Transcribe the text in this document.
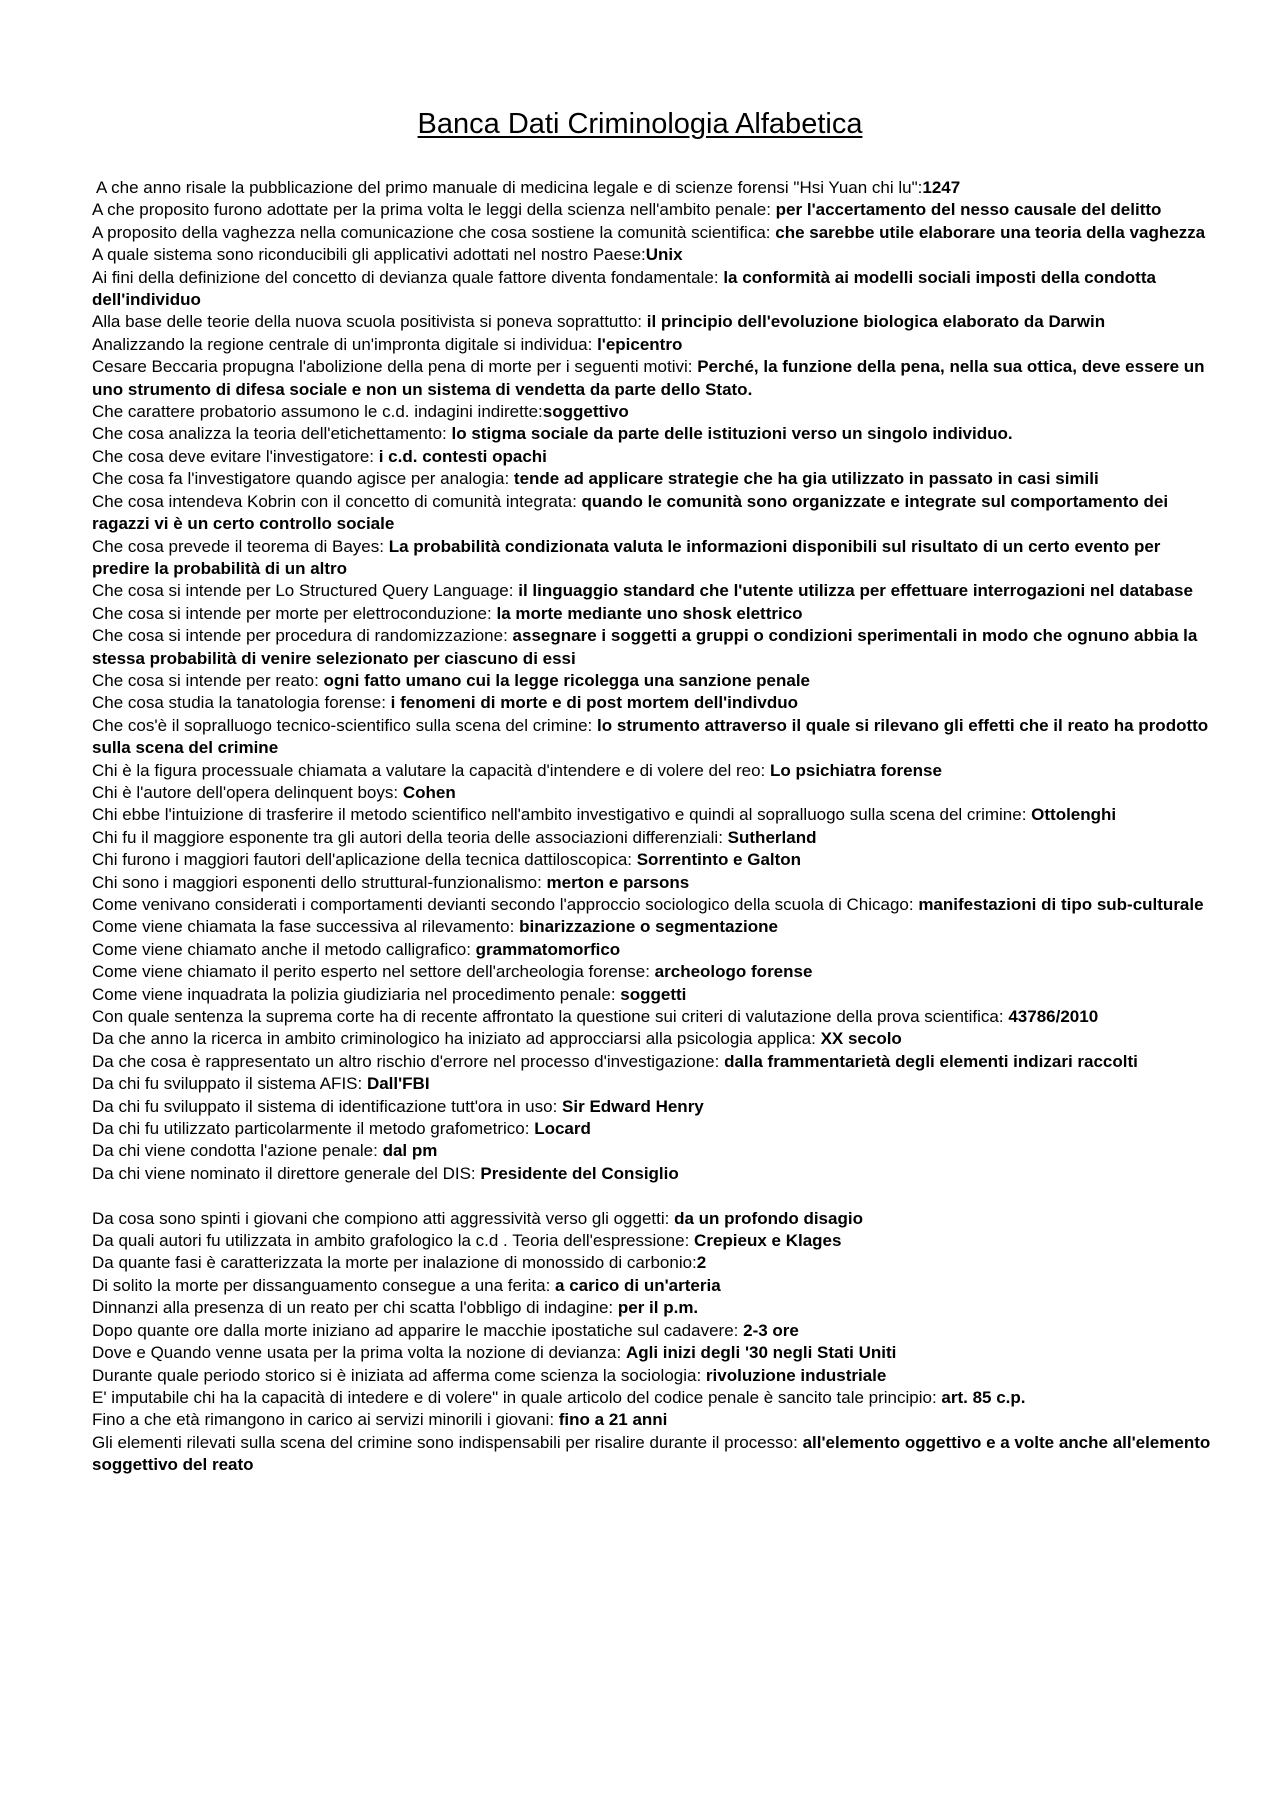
Banca Dati Criminologia Alfabetica

A che anno risale la pubblicazione del primo manuale di medicina legale e di scienze forensi "Hsi Yuan chi lu":1247

A che proposito furono adottate per la prima volta le leggi della scienza nell'ambito penale: per l'accertamento del nesso causale del delitto

A proposito della vaghezza nella comunicazione che cosa sostiene la comunità scientifica: che sarebbe utile elaborare una teoria della vaghezza

A quale sistema sono riconducibili gli applicativi adottati nel nostro Paese:Unix

Ai fini della definizione del concetto di devianza quale fattore diventa fondamentale: la conformità ai modelli sociali imposti della condotta dell'individuo

Alla base delle teorie della nuova scuola positivista si poneva soprattutto: il principio dell'evoluzione biologica elaborato da Darwin

Analizzando la regione centrale di un'impronta digitale si individua: l'epicentro

Cesare Beccaria propugna l'abolizione della pena di morte per i seguenti motivi: Perché, la funzione della pena, nella sua ottica, deve essere un uno strumento di difesa sociale e non un sistema di vendetta da parte dello Stato.

Che carattere probatorio assumono le c.d. indagini indirette:soggettivo

Che cosa analizza la teoria dell'etichettamento: lo stigma sociale da parte delle istituzioni verso un singolo individuo.

Che cosa deve evitare l'investigatore: i c.d. contesti opachi

Che cosa fa l'investigatore quando agisce per analogia: tende ad applicare strategie che ha gia utilizzato in passato in casi simili

Che cosa intendeva Kobrin con il concetto di comunità integrata: quando le comunità sono organizzate e integrate sul comportamento dei ragazzi vi è un certo controllo sociale

Che cosa prevede il teorema di Bayes: La probabilità condizionata valuta le informazioni disponibili sul risultato di un certo evento per predire la probabilità di un altro

Che cosa si intende per Lo Structured Query Language: il linguaggio standard che l'utente utilizza per effettuare interrogazioni nel database

Che cosa si intende per morte per elettroconduzione: la morte mediante uno shosk elettrico

Che cosa si intende per procedura di randomizzazione: assegnare i soggetti a gruppi o condizioni sperimentali in modo che ognuno abbia la stessa probabilità di venire selezionato per ciascuno di essi

Che cosa si intende per reato: ogni fatto umano cui la legge ricolegga una sanzione penale

Che cosa studia la tanatologia forense: i fenomeni di morte e di post mortem dell'indivduo

Che cos'è il sopralluogo tecnico-scientifico sulla scena del crimine: lo strumento attraverso il quale si rilevano gli effetti che il reato ha prodotto sulla scena del crimine

Chi è la figura processuale chiamata a valutare la capacità d'intendere e di volere del reo: Lo psichiatra forense

Chi è l'autore dell'opera delinquent boys: Cohen

Chi ebbe l'intuizione di trasferire il metodo scientifico nell'ambito investigativo e quindi al sopralluogo sulla scena del crimine: Ottolenghi

Chi fu il maggiore esponente tra gli autori della teoria delle associazioni differenziali: Sutherland

Chi furono i maggiori fautori dell'aplicazione della tecnica dattiloscopica: Sorrentinto e Galton

Chi sono i maggiori esponenti dello struttural-funzionalismo: merton e parsons

Come venivano considerati i comportamenti devianti secondo l'approccio sociologico della scuola di Chicago: manifestazioni di tipo sub-culturale

Come viene chiamata la fase successiva al rilevamento: binarizzazione o segmentazione

Come viene chiamato anche il metodo calligrafico: grammatomorfico

Come viene chiamato il perito esperto nel settore dell'archeologia forense: archeologo forense

Come viene inquadrata la polizia giudiziaria nel procedimento penale: soggetti

Con quale sentenza la suprema corte ha di recente affrontato la questione sui criteri di valutazione della prova scientifica: 43786/2010

Da che anno la ricerca in ambito criminologico ha iniziato ad approcciarsi alla psicologia applica: XX secolo

Da che cosa è rappresentato un altro rischio d'errore nel processo d'investigazione: dalla frammentarietà degli elementi indizari raccolti

Da chi fu sviluppato il sistema AFIS: Dall'FBI

Da chi fu sviluppato il sistema di identificazione tutt'ora in uso: Sir Edward Henry

Da chi fu utilizzato particolarmente il metodo grafometrico: Locard

Da chi viene condotta l'azione penale: dal pm

Da chi viene nominato il direttore generale del DIS: Presidente del Consiglio

Da cosa sono spinti i giovani che compiono atti aggressività verso gli oggetti: da un profondo disagio

Da quali autori fu utilizzata in ambito grafologico la c.d . Teoria dell'espressione: Crepieux e Klages

Da quante fasi è caratterizzata la morte per inalazione di monossido di carbonio:2

Di solito la morte per dissanguamento consegue a una ferita: a carico di un'arteria

Dinnanzi alla presenza di un reato per chi scatta l'obbligo di indagine: per il p.m.

Dopo quante ore dalla morte iniziano ad apparire le macchie ipostatiche sul cadavere: 2-3 ore

Dove e Quando venne usata per la prima volta la nozione di devianza: Agli inizi degli '30 negli Stati Uniti

Durante quale periodo storico si è iniziata ad afferma come scienza la sociologia: rivoluzione industriale

E' imputabile chi ha la capacità di intedere e di volere" in quale articolo del codice penale è sancito tale principio: art. 85 c.p.

Fino a che età rimangono in carico ai servizi minorili i giovani: fino a 21 anni

Gli elementi rilevati sulla scena del crimine sono indispensabili per risalire durante il processo: all'elemento oggettivo e a volte anche all'elemento soggettivo del reato
